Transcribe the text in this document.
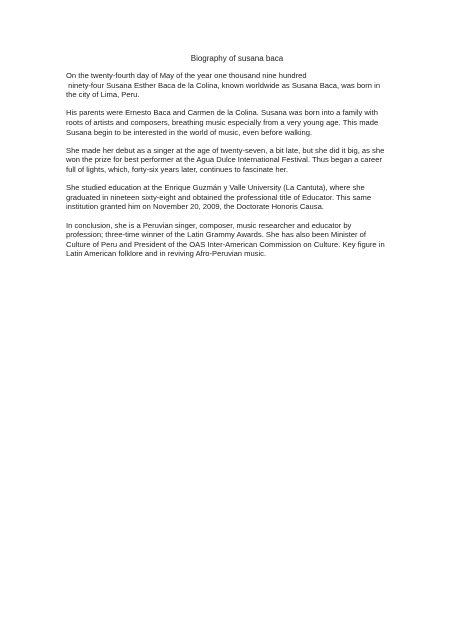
Biography of susana baca

On the twenty-fourth day of May of the year one thousand nine hundred
ninety-four Susana Esther Baca de la Colina, known worldwide as Susana Baca, was born in
the city of Lima, Peru.

His parents were Ernesto Baca and Carmen de la Colina. Susana was born into a family with
roots of artists and composers, breathing music especially from a very young age. This made
Susana begin to be interested in the world of music, even before walking.

She made her debut as a singer at the age of twenty-seven, a bit late, but she did it big, as she
won the prize for best performer at the Agua Dulce International Festival. Thus began a career
full of lights, which, forty-six years later, continues to fascinate her.

She studied education at the Enrique Guzmán y Valle University (La Cantuta), where she
graduated in nineteen sixty-eight and obtained the professional title of Educator. This same
institution granted him on November 20, 2009, the Doctorate Honoris Causa.

In conclusion, she is a Peruvian singer, composer, music researcher and educator by
profession; three-time winner of the Latin Grammy Awards. She has also been Minister of
Culture of Peru and President of the OAS Inter-American Commission on Culture. Key figure in
Latin American folklore and in reviving Afro-Peruvian music.
